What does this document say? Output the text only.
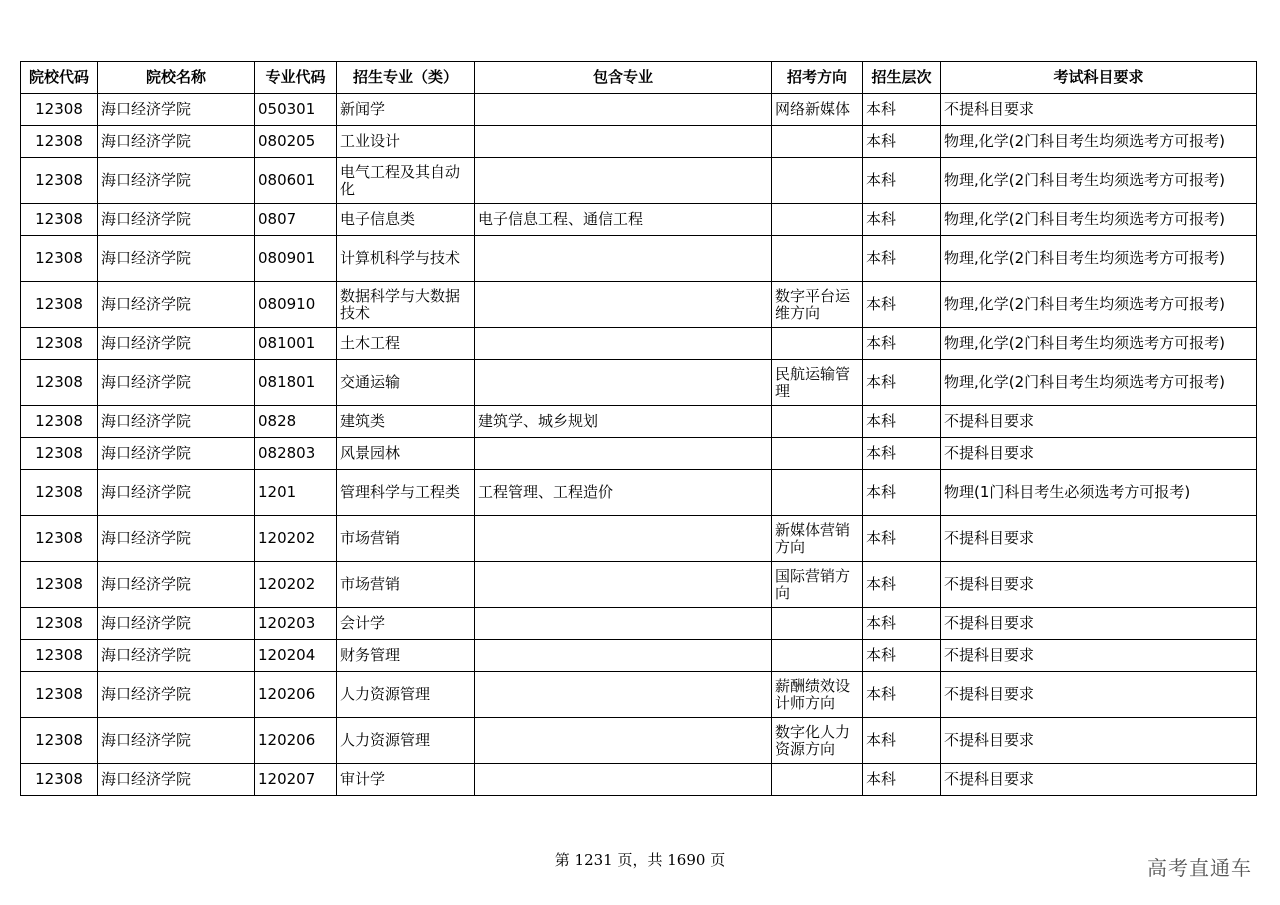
院校代码	院校名称	专业代码	招生专业（类）	包含专业	招考方向	招生层次	考试科目要求
12308	海口经济学院	050301	新闻学		网络新媒体	本科	不提科目要求
12308	海口经济学院	080205	工业设计			本科	物理,化学(2门科目考生均须选考方可报考)
12308	海口经济学院	080601	电气工程及其自动化			本科	物理,化学(2门科目考生均须选考方可报考)
12308	海口经济学院	0807	电子信息类	电子信息工程、通信工程		本科	物理,化学(2门科目考生均须选考方可报考)
12308	海口经济学院	080901	计算机科学与技术			本科	物理,化学(2门科目考生均须选考方可报考)
12308	海口经济学院	080910	数据科学与大数据技术		数字平台运维方向	本科	物理,化学(2门科目考生均须选考方可报考)
12308	海口经济学院	081001	土木工程			本科	物理,化学(2门科目考生均须选考方可报考)
12308	海口经济学院	081801	交通运输		民航运输管理	本科	物理,化学(2门科目考生均须选考方可报考)
12308	海口经济学院	0828	建筑类	建筑学、城乡规划		本科	不提科目要求
12308	海口经济学院	082803	风景园林			本科	不提科目要求
12308	海口经济学院	1201	管理科学与工程类	工程管理、工程造价		本科	物理(1门科目考生必须选考方可报考)
12308	海口经济学院	120202	市场营销		新媒体营销方向	本科	不提科目要求
12308	海口经济学院	120202	市场营销		国际营销方向	本科	不提科目要求
12308	海口经济学院	120203	会计学			本科	不提科目要求
12308	海口经济学院	120204	财务管理			本科	不提科目要求
12308	海口经济学院	120206	人力资源管理		薪酬绩效设计师方向	本科	不提科目要求
12308	海口经济学院	120206	人力资源管理		数字化人力资源方向	本科	不提科目要求
12308	海口经济学院	120207	审计学			本科	不提科目要求
第 1231 页，共 1690 页	高考直通车
